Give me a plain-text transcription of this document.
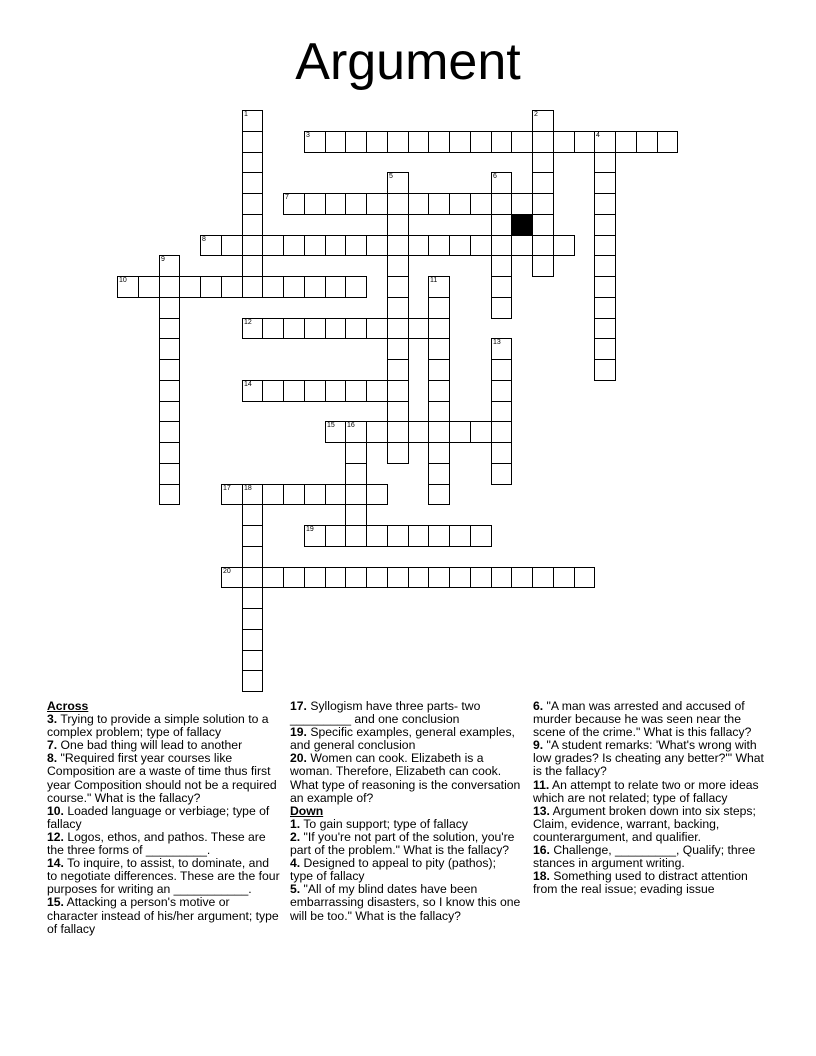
Argument
1	2
3	4
5	6
7
8
9
10	11
12
13
14
15 16
17 18
19
20
Across
3. Trying to provide a simple solution to a complex problem; type of fallacy
7. One bad thing will lead to another
8. "Required first year courses like Composition are a waste of time thus first year Composition should not be a required course." What is the fallacy?
10. Loaded language or verbiage; type of fallacy
12. Logos, ethos, and pathos. These are the three forms of _________.
14. To inquire, to assist, to dominate, and to negotiate differences. These are the four purposes for writing an ___________.
15. Attacking a person's motive or character instead of his/her argument; type of fallacy
17. Syllogism have three parts- two _________ and one conclusion
19. Specific examples, general examples, and general conclusion
20. Women can cook. Elizabeth is a woman. Therefore, Elizabeth can cook. What type of reasoning is the conversation an example of?
Down
1. To gain support; type of fallacy
2. "If you're not part of the solution, you're part of the problem." What is the fallacy?
4. Designed to appeal to pity (pathos); type of fallacy
5. "All of my blind dates have been embarrassing disasters, so I know this one will be too." What is the fallacy?
6. "A man was arrested and accused of murder because he was seen near the scene of the crime." What is this fallacy?
9. "A student remarks: 'What's wrong with low grades? Is cheating any better?'" What is the fallacy?
11. An attempt to relate two or more ideas which are not related; type of fallacy
13. Argument broken down into six steps; Claim, evidence, warrant, backing, counterargument, and qualifier.
16. Challenge, _________, Qualify; three stances in argument writing.
18. Something used to distract attention from the real issue; evading issue
